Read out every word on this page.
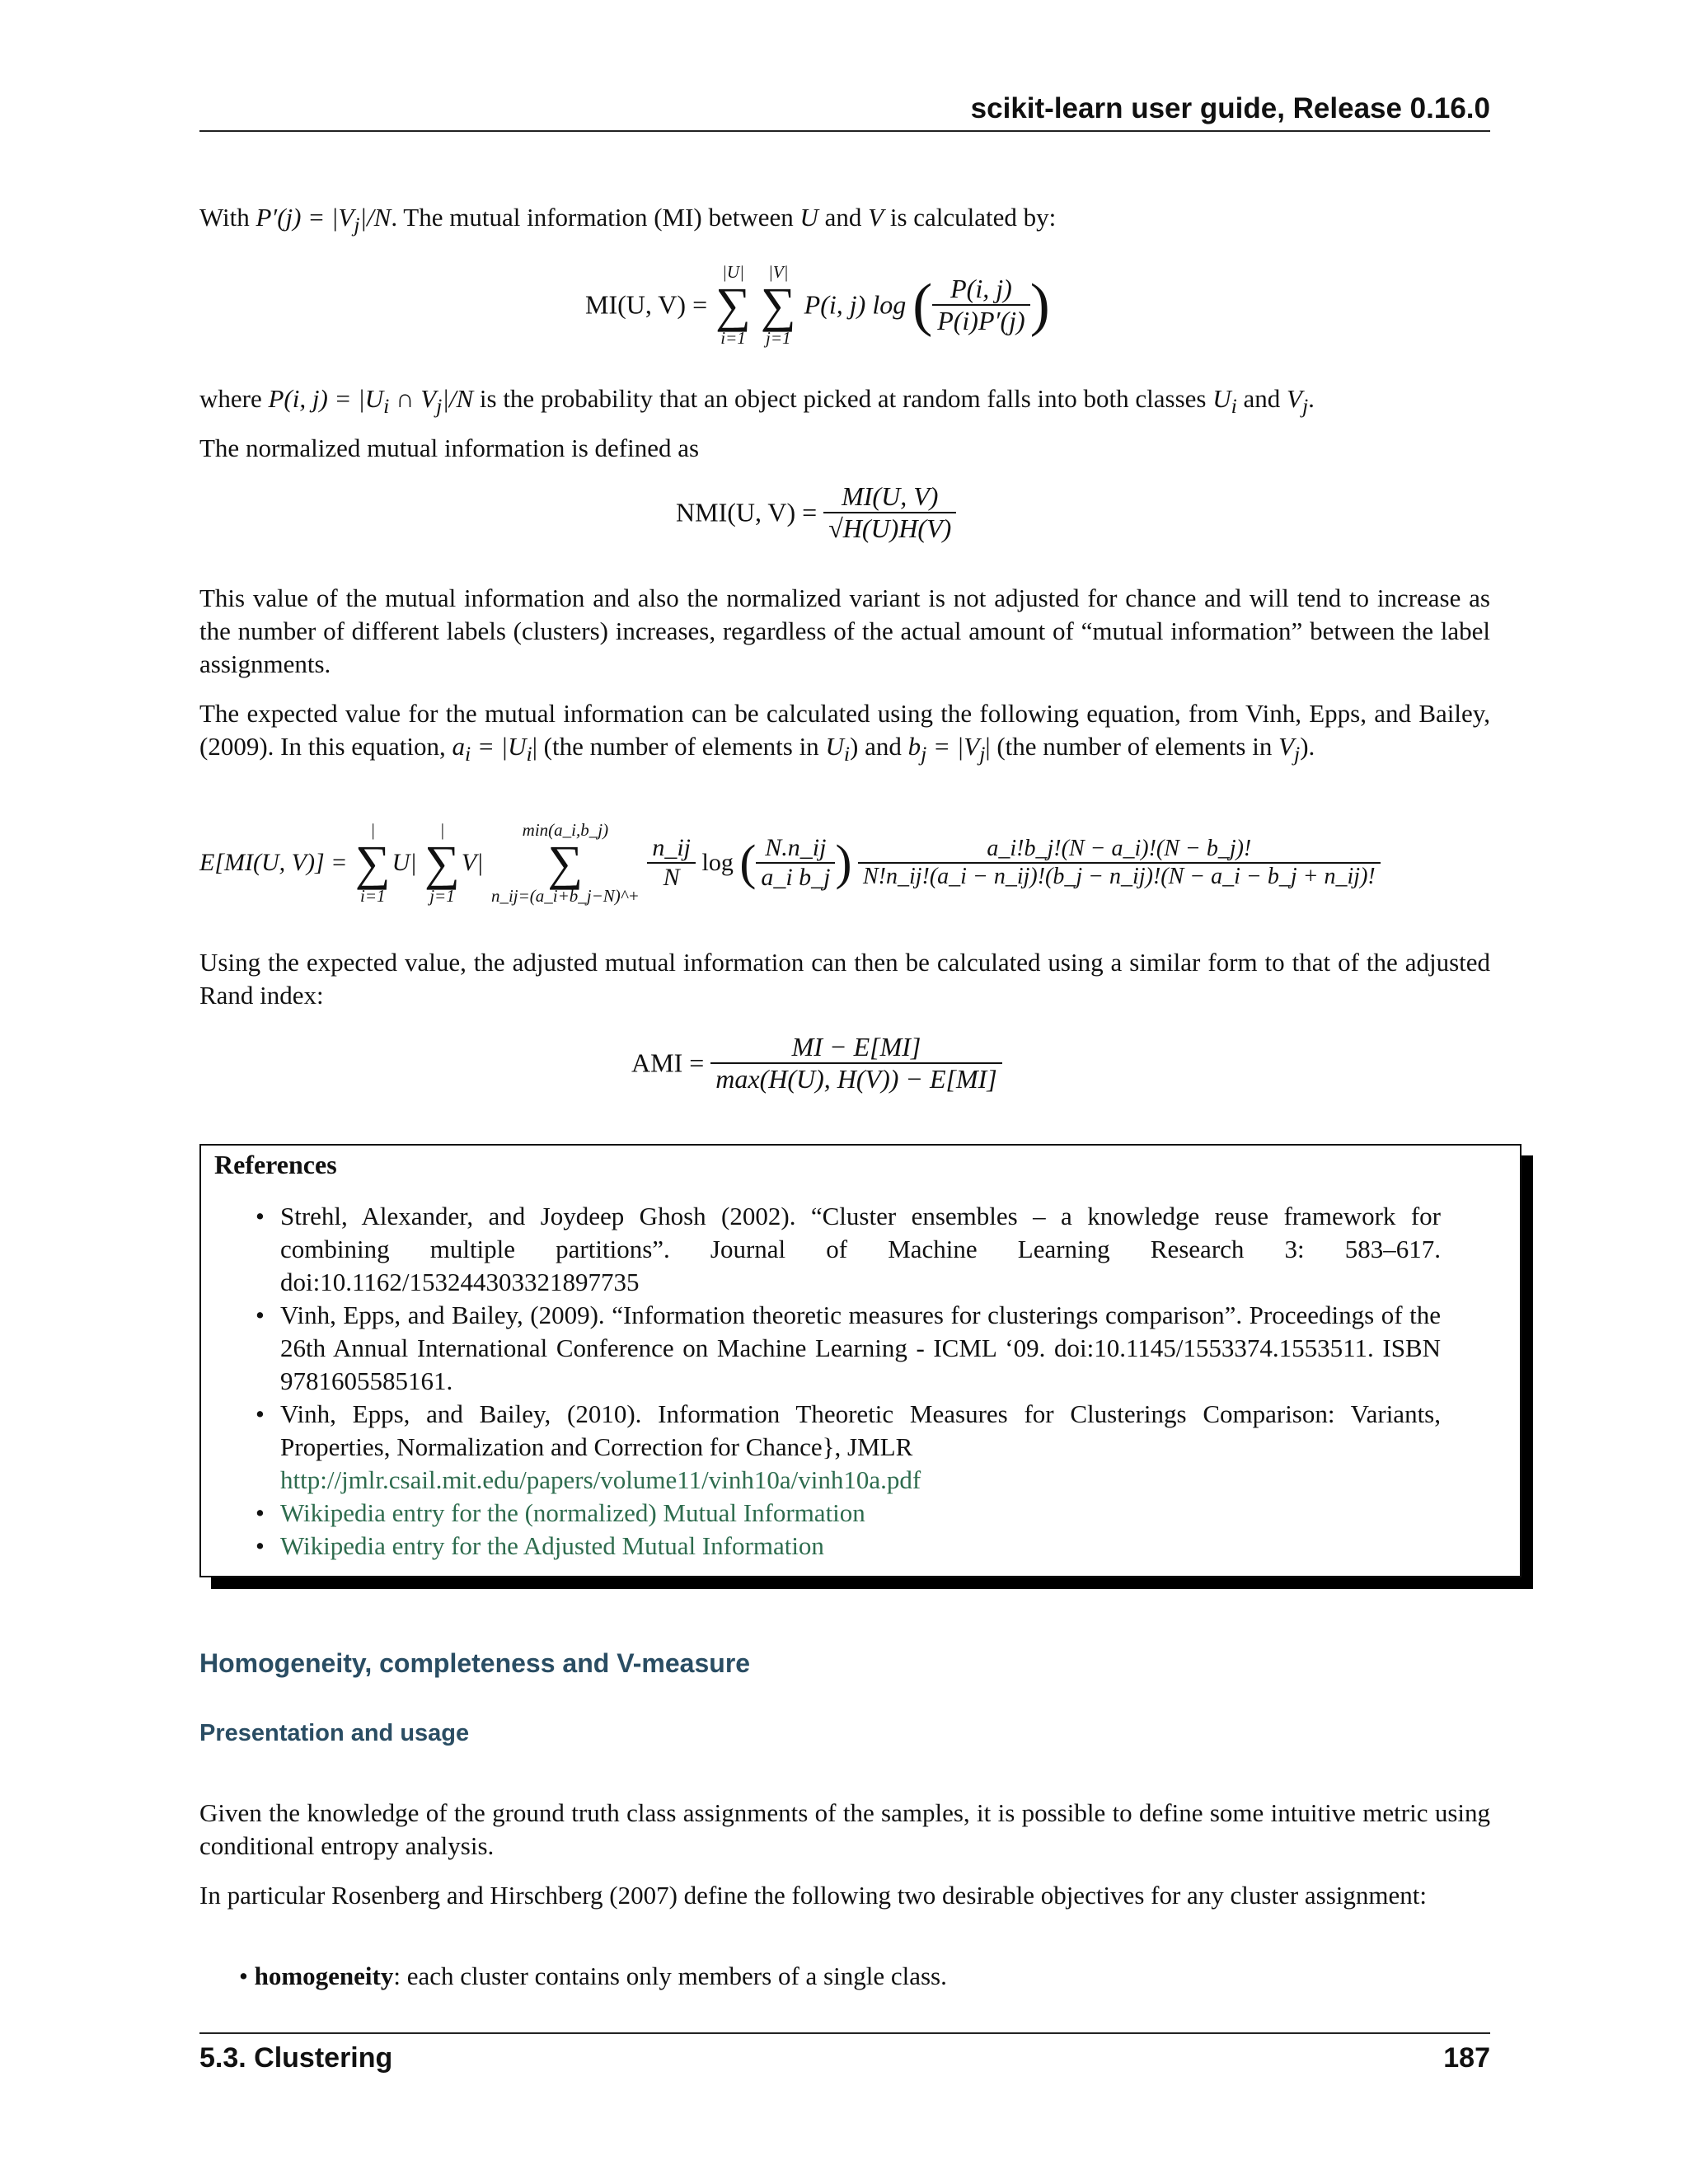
scikit-learn user guide, Release 0.16.0
With $P'(j) = |V_j|/N$. The mutual information (MI) between U and V is calculated by:
MI(U, V) =
|U|
∑
i=1

|V|
∑
j=1
P(i, j) log ( $\frac{P(i, j)}{P(i)P'(j)}$ )
where P(i, $j) = |U_i$ ∩ $V_j|/N$ is the probability that an object picked at random falls into both classes $U_i$ and $V_j$.
The normalized mutual information is defined as
NMI(U, $V) = \frac{MI(U, V)}{√H(U)H(V)}$
This value of the mutual information and also the normalized variant is not adjusted for chance and will tend to increase as the number of different labels (clusters) increases, regardless of the actual amount of “mutual information” between the label assignments.
The expected value for the mutual information can be calculated using the following equation, from Vinh, Epps, and Bailey, (2009). In this equation, $a_i = |U_i|$ (the number of elements in $U_i$) and $b_j = |V_j|$ (the number of elements in $V_j$).
E[MI(U, V)] =
|
∑
i=1
U|
|
∑
j=1
V|
min(a_i,b_j)
∑
n_ij=(a_i+b_j−N)^+

$\frac{n\_ij}{N}$ log ( $\frac{N.n\_ij}{\text{a\_i b\_j}}$ ) $\frac{a\_i!b\_j!(N - a\_i)!(N - b\_j)!}{N!n\_ij!(a\_i - n\_ij)!(b\_j - n\_ij)!(N - a\_i - b\_j + n\_ij)!}$
Using the expected value, the adjusted mutual information can then be calculated using a similar form to that of the adjusted Rand index:
AMI = $\frac{MI - E[MI]}{\max(H(U), H(V)) - E[MI]}$
References
• Strehl, Alexander, and Joydeep Ghosh (2002). “Cluster ensembles – a knowledge reuse framework for combining multiple partitions”. Journal of Machine Learning Research 3: 583–617. doi:10.1162/153244303321897735
• Vinh, Epps, and Bailey, (2009). “Information theoretic measures for clusterings comparison”. Proceedings of the 26th Annual International Conference on Machine Learning - ICML ‘09. doi:10.1145/1553374.1553511. ISBN 9781605585161.
• Vinh, Epps, and Bailey, (2010). Information Theoretic Measures for Clusterings Comparison: Variants, Properties, Normalization and Correction for Chance}, JMLR
http://jmlr.csail.mit.edu/papers/volume11/vinh10a/vinh10a.pdf
• Wikipedia entry for the (normalized) Mutual Information
• Wikipedia entry for the Adjusted Mutual Information
Homogeneity, completeness and V-measure
Presentation and usage
Given the knowledge of the ground truth class assignments of the samples, it is possible to define some intuitive metric using conditional entropy analysis.
In particular Rosenberg and Hirschberg (2007) define the following two desirable objectives for any cluster assignment:
• homogeneity: each cluster contains only members of a single class.
5.3. Clustering	187
